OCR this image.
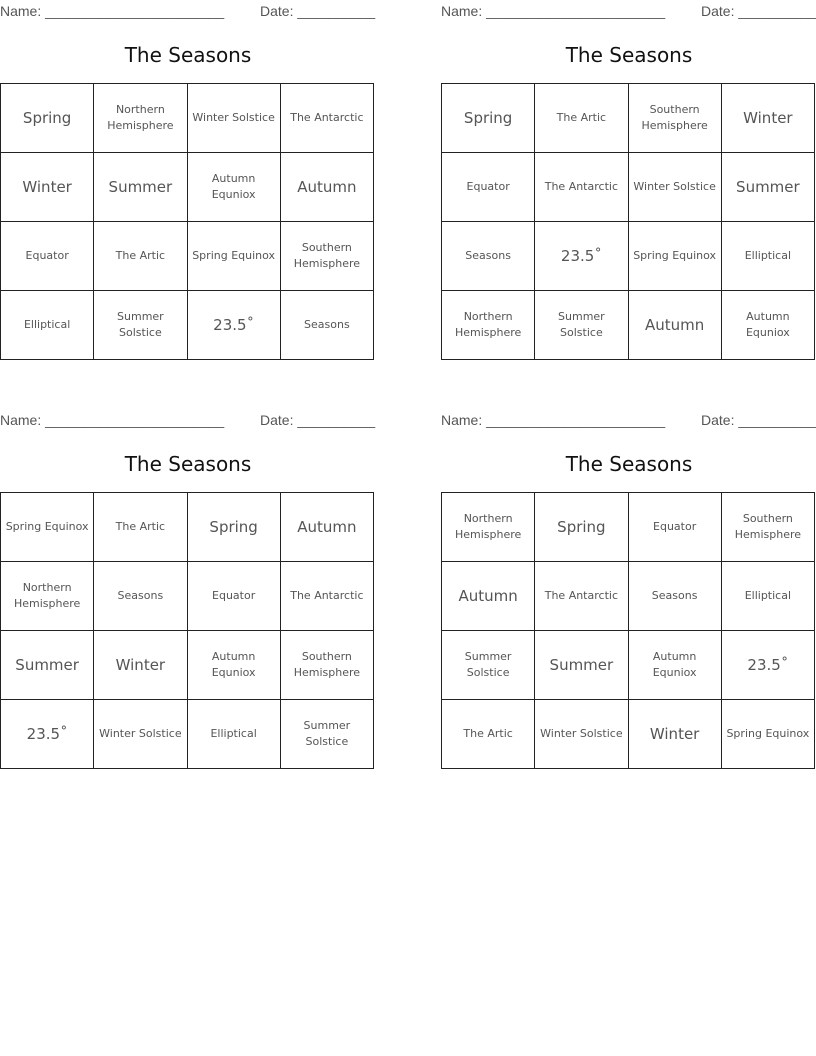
Name: _______________________	Date: __________
The Seasons
Spring	Northern Hemisphere	Winter Solstice	The Antarctic
Winter	Summer	Autumn Equniox	Autumn
Equator	The Artic	Spring Equinox	Southern Hemisphere
Elliptical	Summer Solstice	23.5˚	Seasons
Name: _______________________	Date: __________
The Seasons
Spring	The Artic	Southern Hemisphere	Winter
Equator	The Antarctic	Winter Solstice	Summer
Seasons	23.5˚	Spring Equinox	Elliptical
Northern Hemisphere	Summer Solstice	Autumn	Autumn Equniox
Name: _______________________	Date: __________
The Seasons
Spring Equinox	The Artic	Spring	Autumn
Northern Hemisphere	Seasons	Equator	The Antarctic
Summer	Winter	Autumn Equniox	Southern Hemisphere
23.5˚	Winter Solstice	Elliptical	Summer Solstice
Name: _______________________	Date: __________
The Seasons
Northern Hemisphere	Spring	Equator	Southern Hemisphere
Autumn	The Antarctic	Seasons	Elliptical
Summer Solstice	Summer	Autumn Equniox	23.5˚
The Artic	Winter Solstice	Winter	Spring Equinox
